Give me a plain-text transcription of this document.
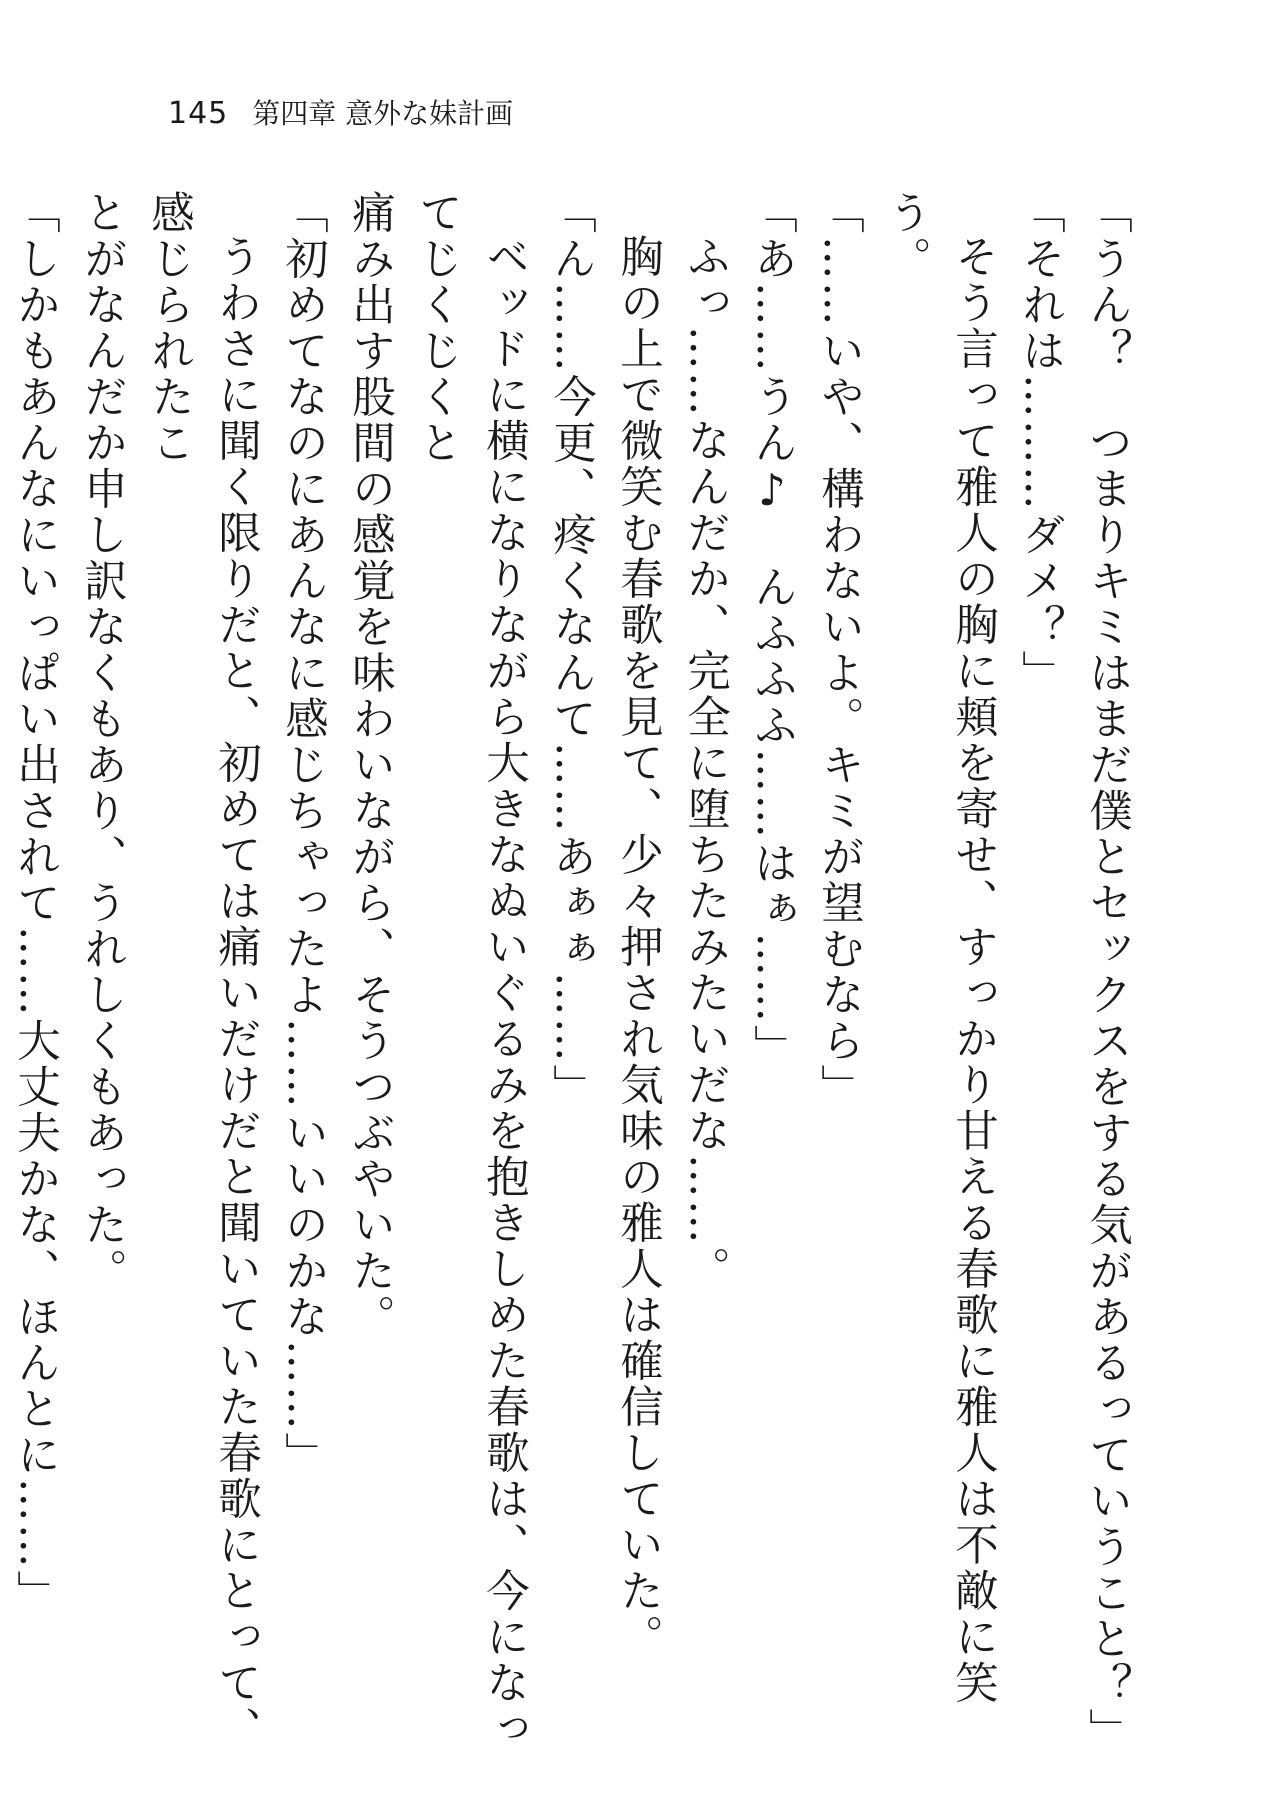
145 第四章 意外な妹計画

「うん？　つまりキミはまだ僕とセックスをする気があるっていうこと？」

「それは………ダメ？」

そう言って雅人の胸に頬を寄せ、すっかり甘える春歌に雅人は不敵に笑う。

「……いや、構わないよ。キミが望むなら」

「あ……うん♪　んふふふ……はぁ……」

ふっ……なんだか、完全に堕ちたみたいだな……。

胸の上で微笑む春歌を見て、少々押され気味の雅人は確信していた。

「ん……今更、疼くなんて……あぁぁ……」

ベッドに横になりながら大きなぬいぐるみを抱きしめた春歌は、今になってじくじくと

痛み出す股間の感覚を味わいながら、そうつぶやいた。

「初めてなのにあんなに感じちゃったよ……いいのかな……」

うわさに聞く限りだと、初めては痛いだけだと聞いていた春歌にとって、感じられたこ

とがなんだか申し訳なくもあり、うれしくもあった。

「しかもあんなにいっぱい出されて……大丈夫かな、ほんとに……」
